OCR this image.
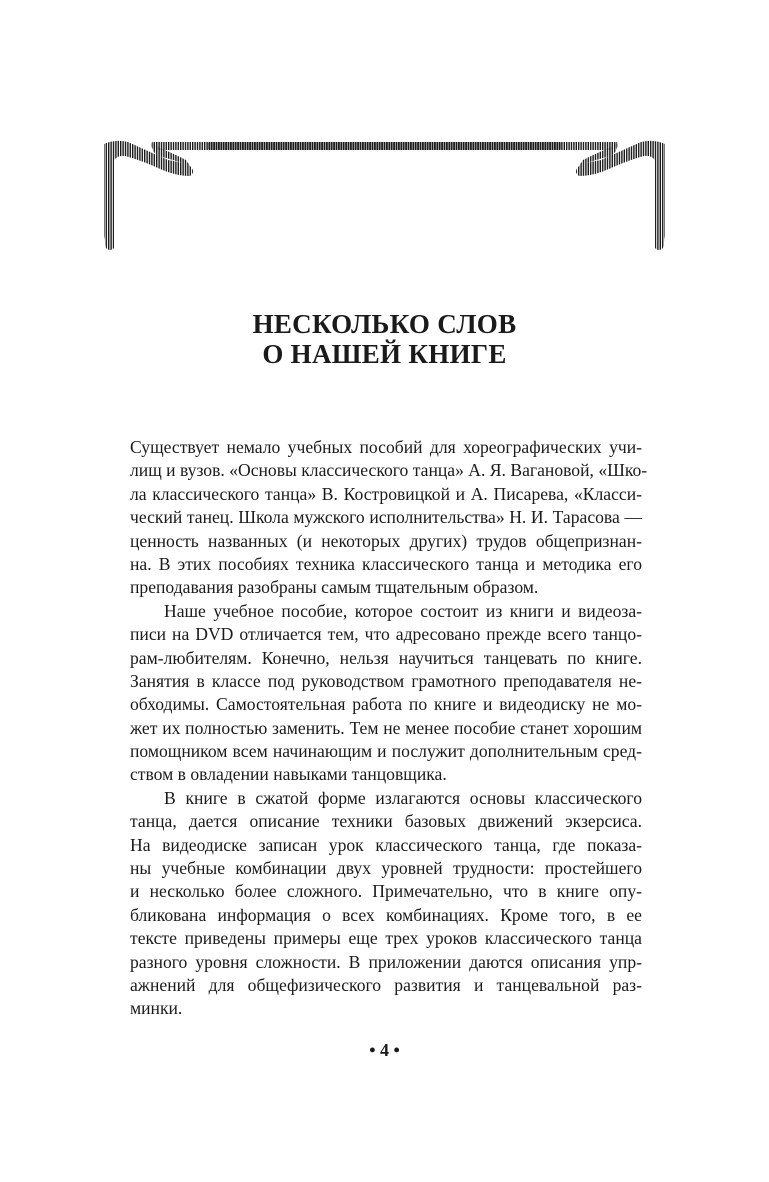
НЕСКОЛЬКО СЛОВ
О НАШЕЙ КНИГЕ
Существует немало учебных пособий для хореографических учи-
лищ и вузов. «Основы классического танца» А. Я. Вагановой, «Шко-
ла классического танца» В. Костровицкой и А. Писарева, «Класси-
ческий танец. Школа мужского исполнительства» Н. И. Тарасова —
ценность названных (и некоторых других) трудов общепризнан-
на. В этих пособиях техника классического танца и методика его
преподавания разобраны самым тщательным образом.
Наше учебное пособие, которое состоит из книги и видеоза-
писи на DVD отличается тем, что адресовано прежде всего танцо-
рам-любителям. Конечно, нельзя научиться танцевать по книге.
Занятия в классе под руководством грамотного преподавателя не-
обходимы. Самостоятельная работа по книге и видеодиску не мо-
жет их полностью заменить. Тем не менее пособие станет хорошим
помощником всем начинающим и послужит дополнительным сред-
ством в овладении навыками танцовщика.
В книге в сжатой форме излагаются основы классического
танца, дается описание техники базовых движений экзерсиса.
На видеодиске записан урок классического танца, где показа-
ны учебные комбинации двух уровней трудности: простейшего
и несколько более сложного. Примечательно, что в книге опу-
бликована информация о всех комбинациях. Кроме того, в ее
тексте приведены примеры еще трех уроков классического танца
разного уровня сложности. В приложении даются описания упр-
ажнений для общефизического развития и танцевальной раз-
минки.
• 4 •
